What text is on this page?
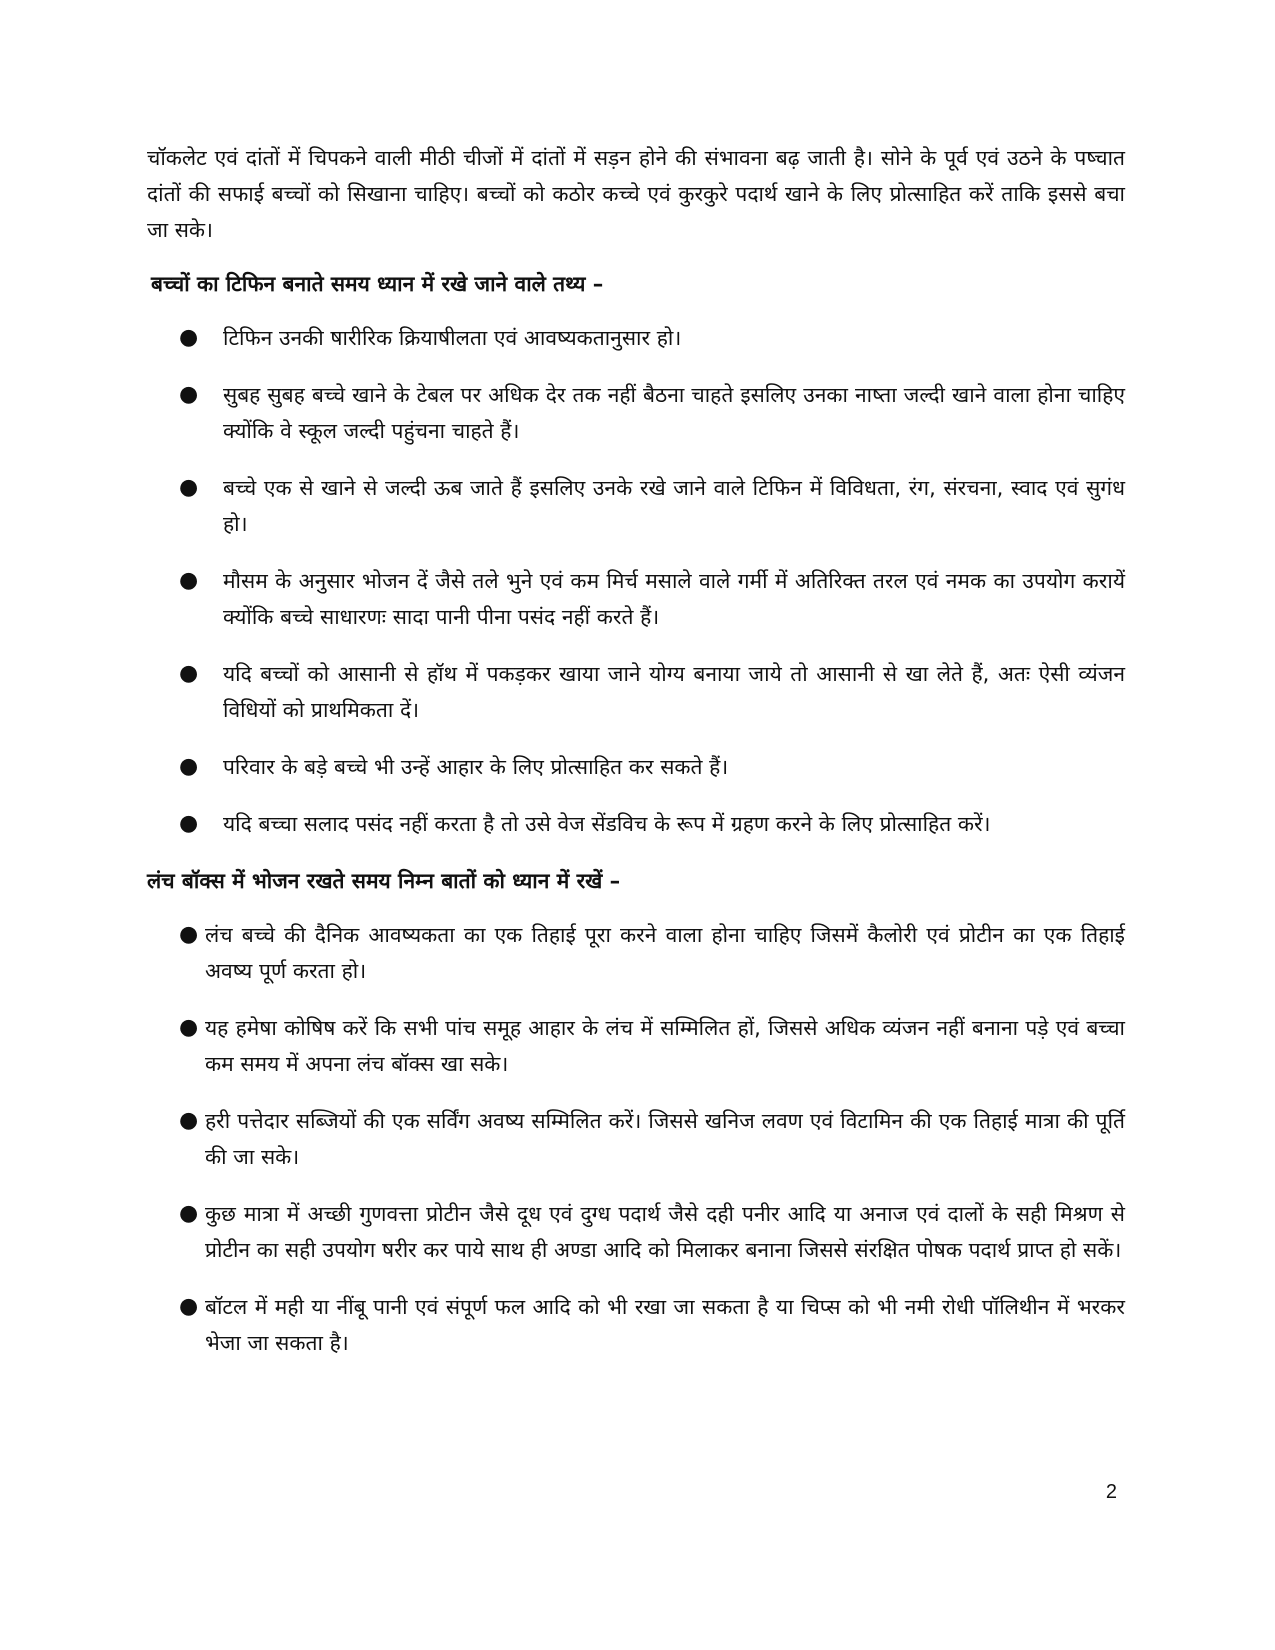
चॉकलेट एवं दांतों में चिपकने वाली मीठी चीजों में दांतों में सड़न होने की संभावना बढ़ जाती है। सोने के पूर्व एवं उठने के पष्चात दांतों की सफाई बच्चों को सिखाना चाहिए। बच्चों को कठोर कच्चे एवं कुरकुरे पदार्थ खाने के लिए प्रोत्साहित करें ताकि इससे बचा जा सके।

बच्चों का टिफिन बनाते समय ध्यान में रखे जाने वाले तथ्य –
● टिफिन उनकी षारीरिक क्रियाषीलता एवं आवष्यकतानुसार हो।
● सुबह सुबह बच्चे खाने के टेबल पर अधिक देर तक नहीं बैठना चाहते इसलिए उनका नाष्ता जल्दी खाने वाला होना चाहिए क्योंकि वे स्कूल जल्दी पहुंचना चाहते हैं।
● बच्चे एक से खाने से जल्दी ऊब जाते हैं इसलिए उनके रखे जाने वाले टिफिन में विविधता, रंग, संरचना, स्वाद एवं सुगंध हो।
● मौसम के अनुसार भोजन दें जैसे तले भुने एवं कम मिर्च मसाले वाले गर्मी में अतिरिक्त तरल एवं नमक का उपयोग करायें क्योंकि बच्चे साधारणः सादा पानी पीना पसंद नहीं करते हैं।
● यदि बच्चों को आसानी से हॉथ में पकड़कर खाया जाने योग्य बनाया जाये तो आसानी से खा लेते हैं, अतः ऐसी व्यंजन विधियों को प्राथमिकता दें।
● परिवार के बड़े बच्चे भी उन्हें आहार के लिए प्रोत्साहित कर सकते हैं।
● यदि बच्चा सलाद पसंद नहीं करता है तो उसे वेज सेंडविच के रूप में ग्रहण करने के लिए प्रोत्साहित करें।
लंच बॉक्स में भोजन रखते समय निम्न बातों को ध्यान में रखें –
● लंच बच्चे की दैनिक आवष्यकता का एक तिहाई पूरा करने वाला होना चाहिए जिसमें कैलोरी एवं प्रोटीन का एक तिहाई अवष्य पूर्ण करता हो।
● यह हमेषा कोषिष करें कि सभी पांच समूह आहार के लंच में सम्मिलित हों, जिससे अधिक व्यंजन नहीं बनाना पड़े एवं बच्चा कम समय में अपना लंच बॉक्स खा सके।
● हरी पत्तेदार सब्जियों की एक सर्विंग अवष्य सम्मिलित करें। जिससे खनिज लवण एवं विटामिन की एक तिहाई मात्रा की पूर्ति की जा सके।
● कुछ मात्रा में अच्छी गुणवत्ता प्रोटीन जैसे दूध एवं दुग्ध पदार्थ जैसे दही पनीर आदि या अनाज एवं दालों के सही मिश्रण से प्रोटीन का सही उपयोग षरीर कर पाये साथ ही अण्डा आदि को मिलाकर बनाना जिससे संरक्षित पोषक पदार्थ प्राप्त हो सकें।
● बॉटल में मही या नींबू पानी एवं संपूर्ण फल आदि को भी रखा जा सकता है या चिप्स को भी नमी रोधी पॉलिथीन में भरकर भेजा जा सकता है।
2
